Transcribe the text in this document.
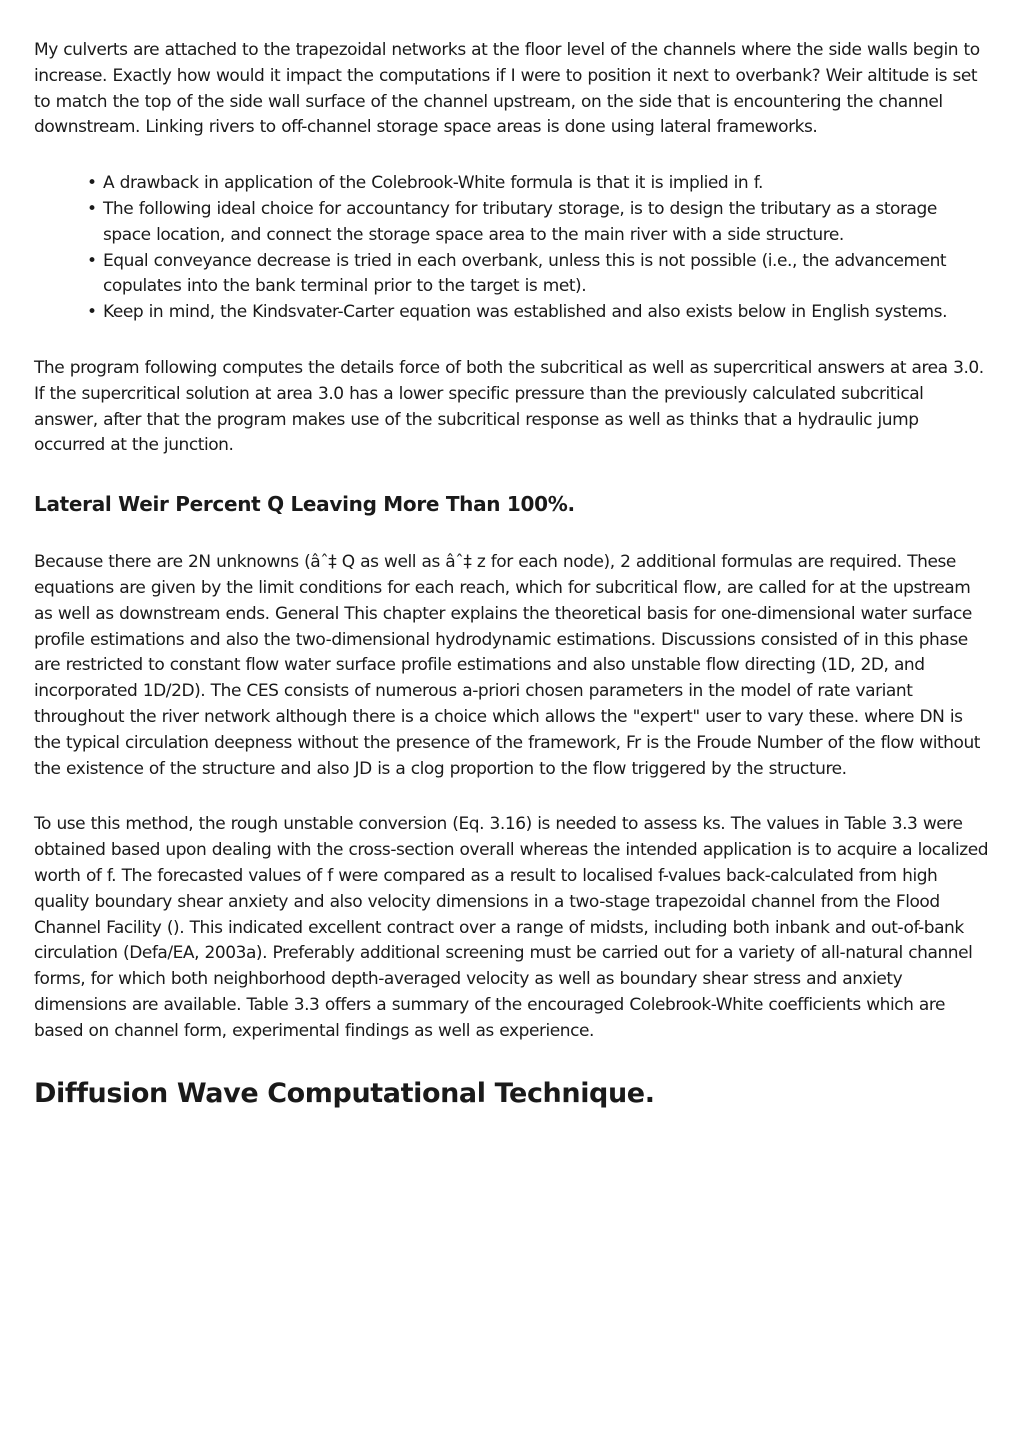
My culverts are attached to the trapezoidal networks at the floor level of the channels where the side walls begin to increase. Exactly how would it impact the computations if I were to position it next to overbank? Weir altitude is set to match the top of the side wall surface of the channel upstream, on the side that is encountering the channel downstream. Linking rivers to off-channel storage space areas is done using lateral frameworks.

• A drawback in application of the Colebrook-White formula is that it is implied in f.
• The following ideal choice for accountancy for tributary storage, is to design the tributary as a storage space location, and connect the storage space area to the main river with a side structure.
• Equal conveyance decrease is tried in each overbank, unless this is not possible (i.e., the advancement copulates into the bank terminal prior to the target is met).
• Keep in mind, the Kindsvater-Carter equation was established and also exists below in English systems.

The program following computes the details force of both the subcritical as well as supercritical answers at area 3.0. If the supercritical solution at area 3.0 has a lower specific pressure than the previously calculated subcritical answer, after that the program makes use of the subcritical response as well as thinks that a hydraulic jump occurred at the junction.

Lateral Weir Percent Q Leaving More Than 100%.

Because there are 2N unknowns (âˆ‡ Q as well as âˆ‡ z for each node), 2 additional formulas are required. These equations are given by the limit conditions for each reach, which for subcritical flow, are called for at the upstream as well as downstream ends. General This chapter explains the theoretical basis for one-dimensional water surface profile estimations and also the two-dimensional hydrodynamic estimations. Discussions consisted of in this phase are restricted to constant flow water surface profile estimations and also unstable flow directing (1D, 2D, and incorporated 1D/2D). The CES consists of numerous a-priori chosen parameters in the model of rate variant throughout the river network although there is a choice which allows the "expert" user to vary these. where DN is the typical circulation deepness without the presence of the framework, Fr is the Froude Number of the flow without the existence of the structure and also JD is a clog proportion to the flow triggered by the structure.

To use this method, the rough unstable conversion (Eq. 3.16) is needed to assess ks. The values in Table 3.3 were obtained based upon dealing with the cross-section overall whereas the intended application is to acquire a localized worth of f. The forecasted values of f were compared as a result to localised f-values back-calculated from high quality boundary shear anxiety and also velocity dimensions in a two-stage trapezoidal channel from the Flood Channel Facility (). This indicated excellent contract over a range of midsts, including both inbank and out-of-bank circulation (Defa/EA, 2003a). Preferably additional screening must be carried out for a variety of all-natural channel forms, for which both neighborhood depth-averaged velocity as well as boundary shear stress and anxiety dimensions are available. Table 3.3 offers a summary of the encouraged Colebrook-White coefficients which are based on channel form, experimental findings as well as experience.

Diffusion Wave Computational Technique.
